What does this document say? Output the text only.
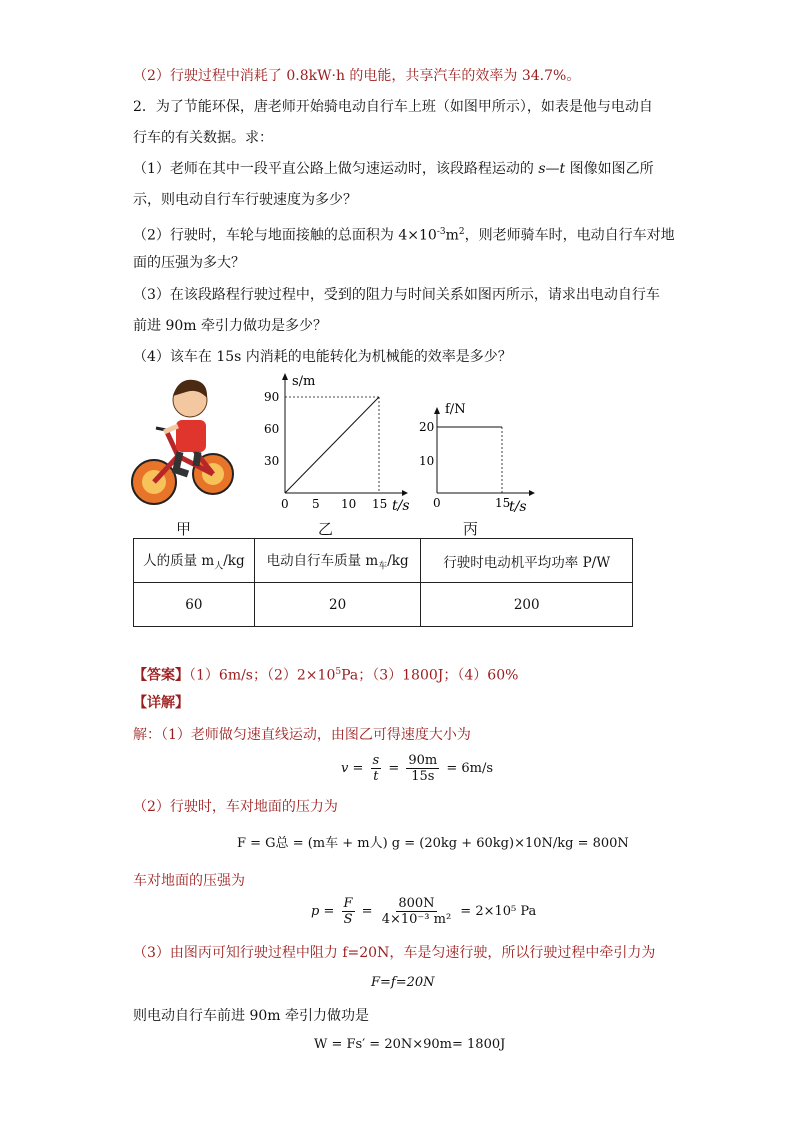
（2）行驶过程中消耗了 0.8kW·h 的电能，共享汽车的效率为 34.7%。
2．为了节能环保，唐老师开始骑电动自行车上班（如图甲所示），如表是他与电动自
行车的有关数据。求：
（1）老师在其中一段平直公路上做匀速运动时，该段路程运动的 s—t 图像如图乙所
示，则电动自行车行驶速度为多少？
（2）行驶时，车轮与地面接触的总面积为 $4\times 10^{-3}m^2$，则老师骑车时，电动自行车对地
面的压强为多大？
（3）在该段路程行驶过程中，受到的阻力与时间关系如图丙所示，请求出电动自行车
前进 90m 牵引力做功是多少？
（4）该车在 15s 内消耗的电能转化为机械能的效率是多少？
s/m
t/s
90
60
30
0 5 10 15
f/N
t/s
20
10
0	15
甲	乙	丙
人的质量 $m_人/kg$	电动自行车质量 $m_车/kg$	行驶时电动机平均功率 P/W
60	20	200
【答案】（1）6m/s；$(2)2\times 10^5Pa$；（3）1800J；（4）60%
【详解】
解：（1）老师做匀速直线运动，由图乙可得速度大小为
$v = \frac{s}{t} = \frac{90m}{15s} = 6m/s$
（2）行驶时，车对地面的压力为
F = G总 = (m车 + m人) g = (20kg + 60kg)×10N/kg = 800N
车对地面的压强为
$p = \frac{F}{S} = \frac{800N}{\text{4×10⁻³ m²}} = 2\times 10^5$ Pa
（3）由图丙可知行驶过程中阻力 f=20N，车是匀速行驶，所以行驶过程中牵引力为
F=f=20N
则电动自行车前进 90m 牵引力做功是
W = Fs′ = 20N×90m= 1800J
